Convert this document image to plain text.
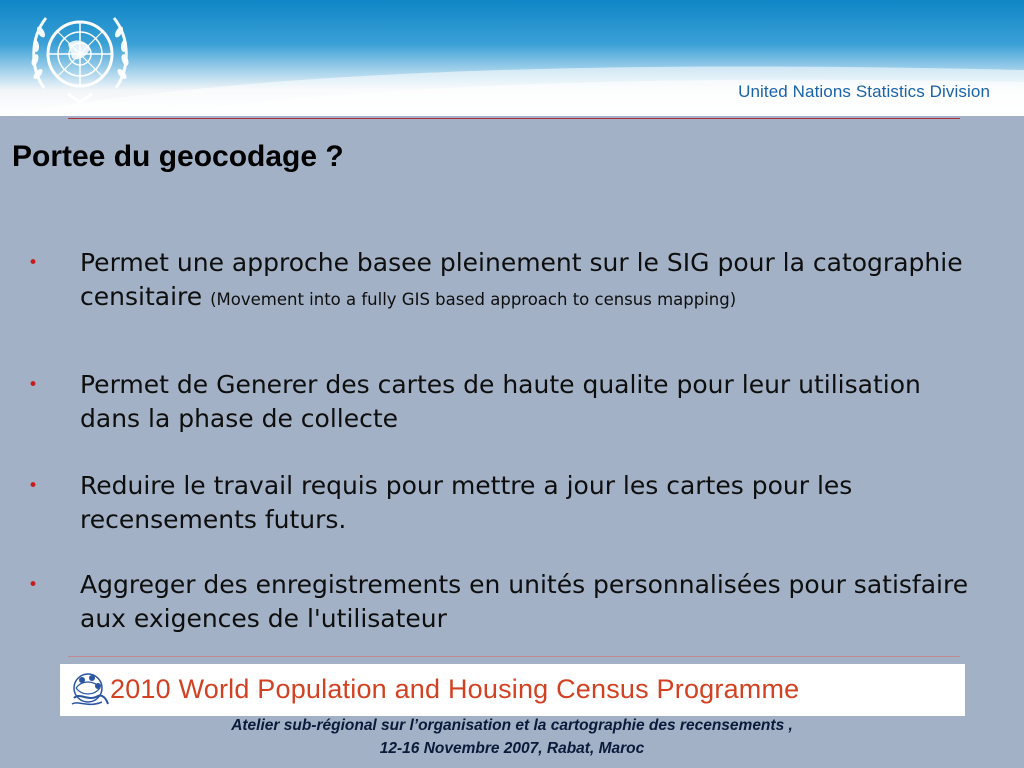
United Nations Statistics Division
Portee du geocodage ?
• Permet une approche basee pleinement sur le SIG pour la catographie censitaire (Movement into a fully GIS based approach to census mapping)
• Permet de Generer des cartes de haute qualite pour leur utilisation dans la phase de collecte
• Reduire le travail requis pour mettre a jour les cartes pour les recensements futurs.
• Aggreger des enregistrements en unités personnalisées pour satisfaire aux exigences de l'utilisateur
2010 World Population and Housing Census Programme
Atelier sub-régional sur l’organisation et la cartographie des recensements ,
12-16 Novembre 2007, Rabat, Maroc
